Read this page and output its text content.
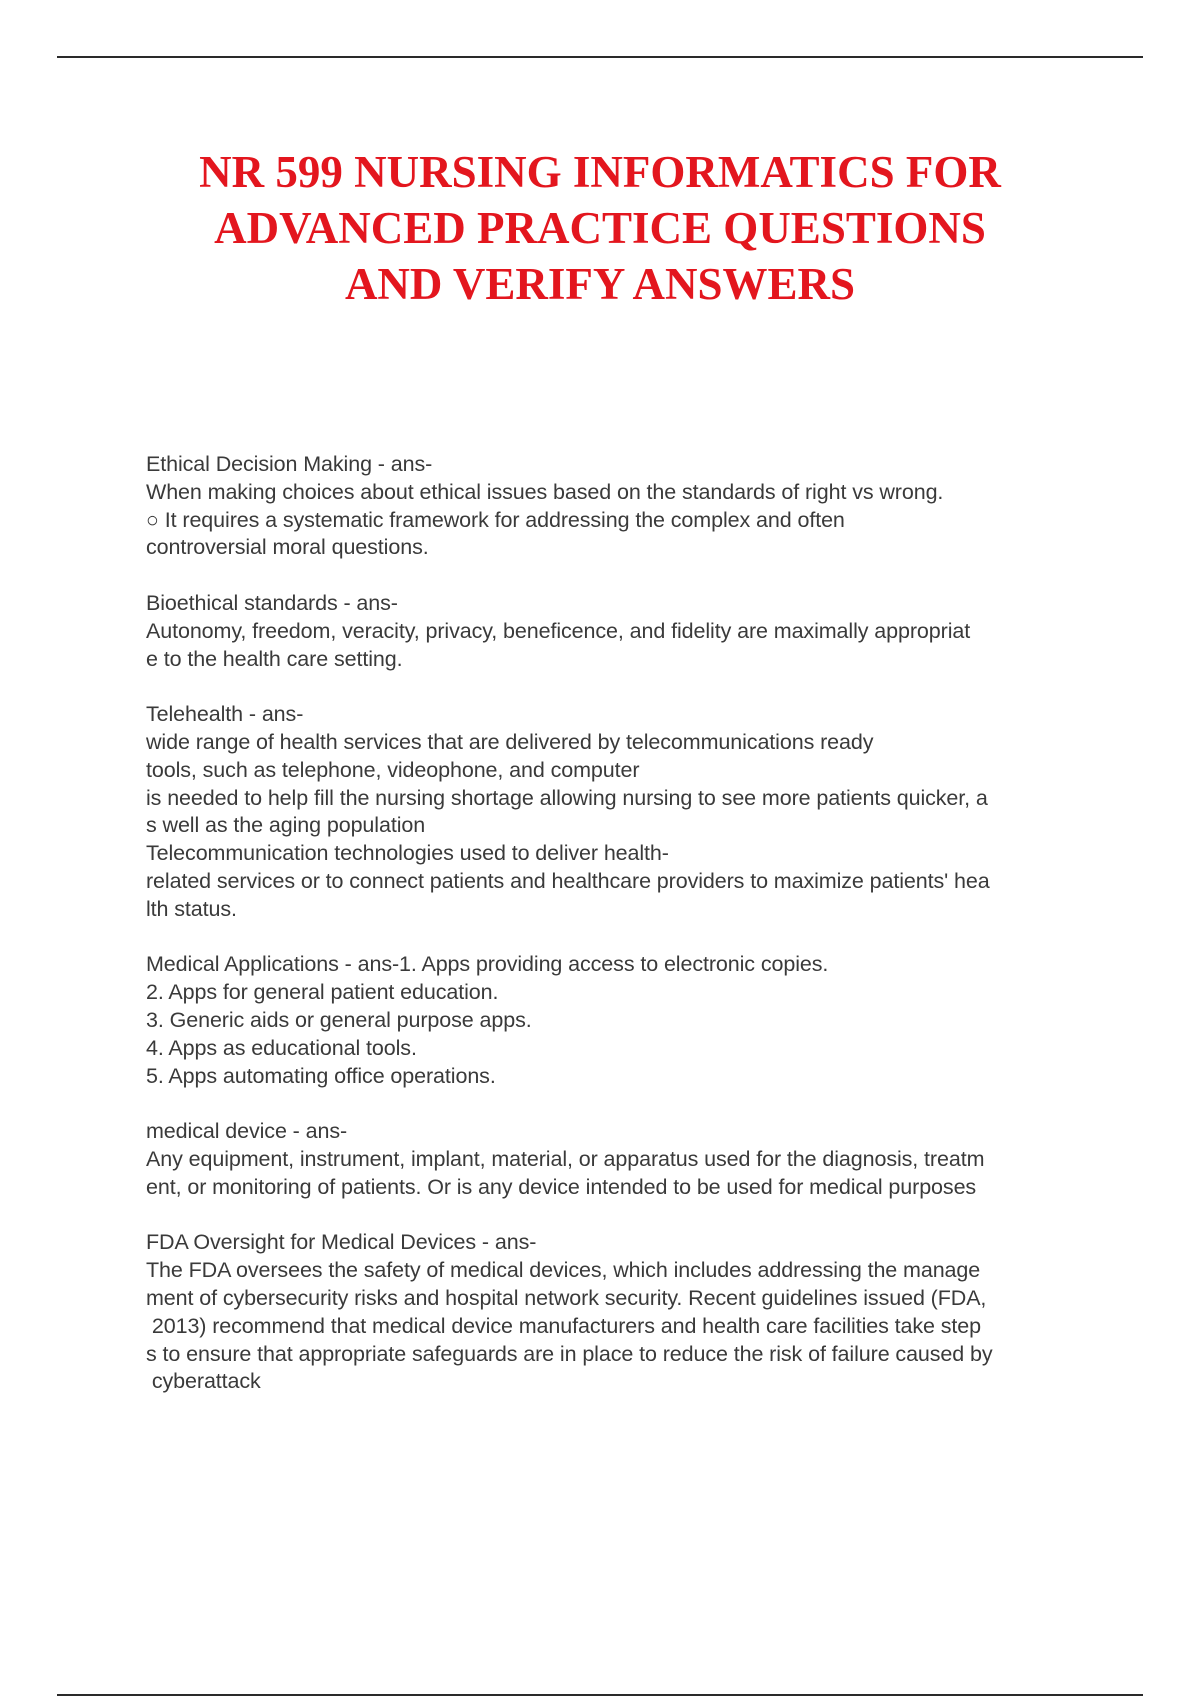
NR 599 NURSING INFORMATICS FOR
ADVANCED PRACTICE QUESTIONS
AND VERIFY ANSWERS
Ethical Decision Making - ans-
When making choices about ethical issues based on the standards of right vs wrong.
○ It requires a systematic framework for addressing the complex and often
controversial moral questions.
Bioethical standards - ans-
Autonomy, freedom, veracity, privacy, beneficence, and fidelity are maximally appropriat
e to the health care setting.
Telehealth - ans-
wide range of health services that are delivered by telecommunications ready
tools, such as telephone, videophone, and computer
is needed to help fill the nursing shortage allowing nursing to see more patients quicker, a
s well as the aging population
Telecommunication technologies used to deliver health-
related services or to connect patients and healthcare providers to maximize patients' hea
lth status.
Medical Applications - ans-1. Apps providing access to electronic copies.
2. Apps for general patient education.
3. Generic aids or general purpose apps.
4. Apps as educational tools.
5. Apps automating office operations.
medical device - ans-
Any equipment, instrument, implant, material, or apparatus used for the diagnosis, treatm
ent, or monitoring of patients. Or is any device intended to be used for medical purposes
FDA Oversight for Medical Devices - ans-
The FDA oversees the safety of medical devices, which includes addressing the manage
ment of cybersecurity risks and hospital network security. Recent guidelines issued (FDA,
2013) recommend that medical device manufacturers and health care facilities take step
s to ensure that appropriate safeguards are in place to reduce the risk of failure caused by
cyberattack
